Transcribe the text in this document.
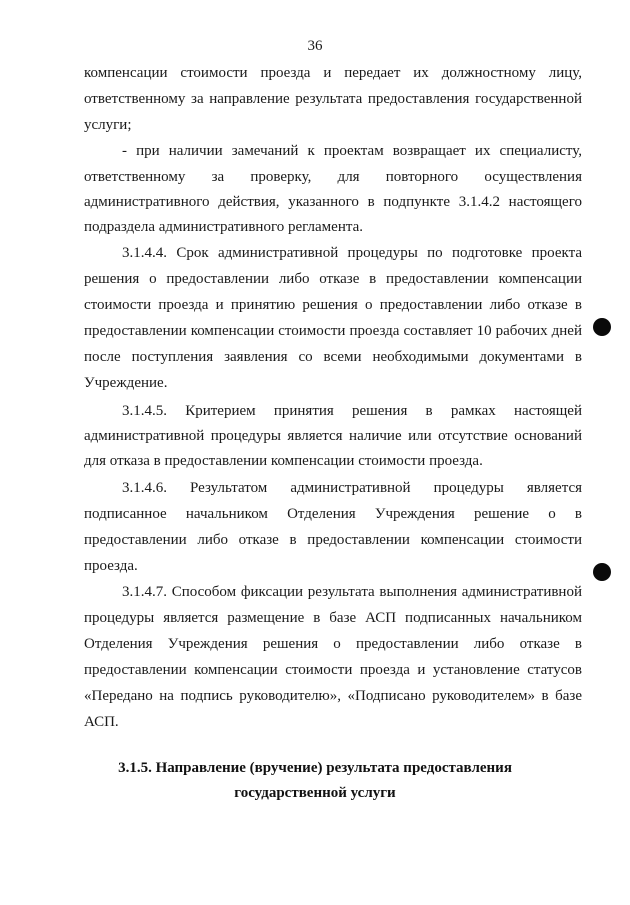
36
компенсации стоимости проезда и передает их должностному лицу,
ответственному за направление результата предоставления государственной
услуги;
- при наличии замечаний к проектам возвращает их специалисту,
ответственному за проверку, для повторного осуществления
административного действия, указанного в подпункте 3.1.4.2 настоящего
подраздела административного регламента.
3.1.4.4. Срок административной процедуры по подготовке проекта
решения о предоставлении либо отказе в предоставлении компенсации
стоимости проезда и принятию решения о предоставлении либо отказе в
предоставлении компенсации стоимости проезда составляет 10 рабочих дней
после поступления заявления со всеми необходимыми документами в
Учреждение.
3.1.4.5. Критерием принятия решения в рамках настоящей
административной процедуры является наличие или отсутствие оснований
для отказа в предоставлении компенсации стоимости проезда.
3.1.4.6. Результатом административной процедуры является
подписанное начальником Отделения Учреждения решение о в
предоставлении либо отказе в предоставлении компенсации стоимости
проезда.
3.1.4.7. Способом фиксации результата выполнения административной
процедуры является размещение в базе АСП подписанных начальником
Отделения Учреждения решения о предоставлении либо отказе в
предоставлении компенсации стоимости проезда и установление статусов
«Передано на подпись руководителю», «Подписано руководителем» в базе
АСП.
3.1.5. Направление (вручение) результата предоставления
государственной услуги
